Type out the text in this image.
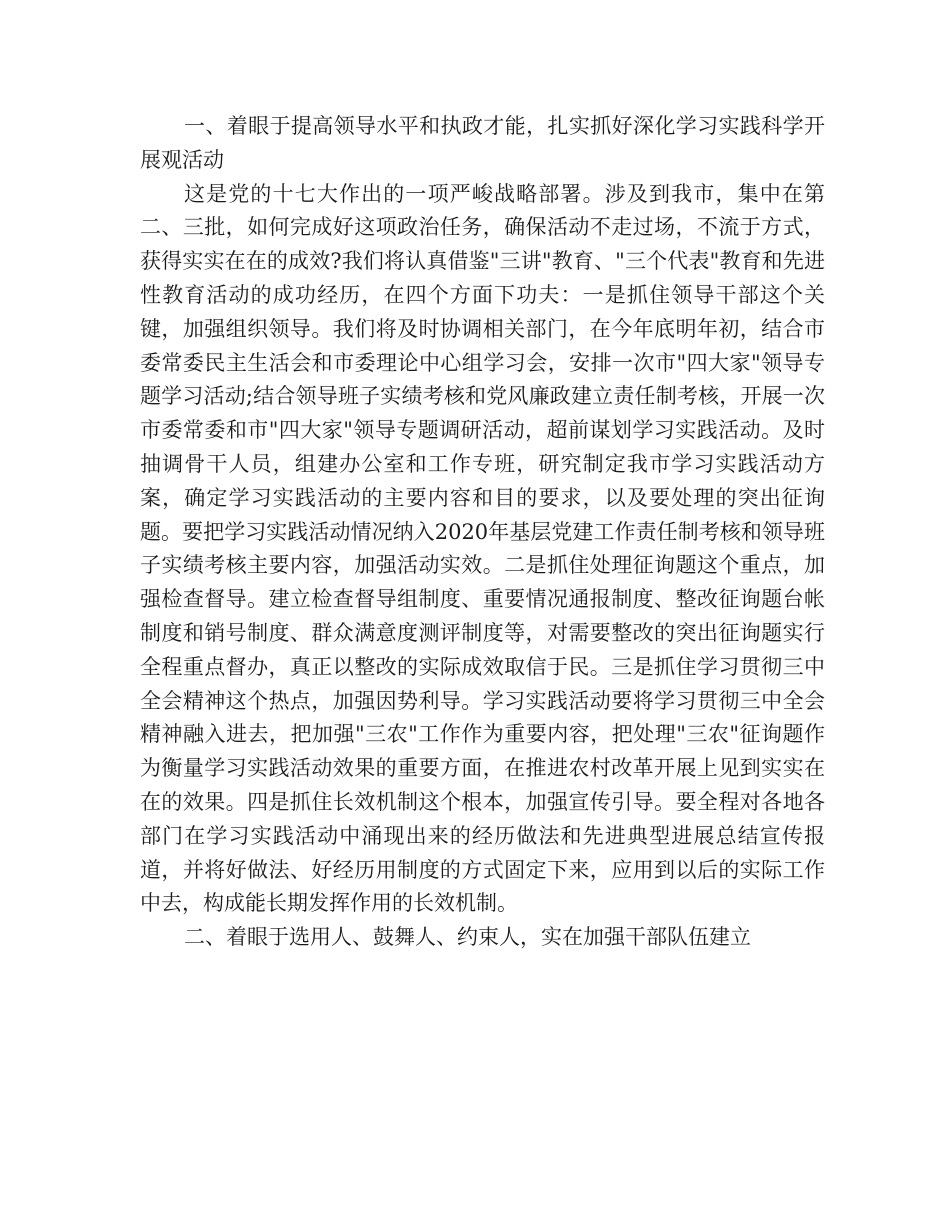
一、着眼于提高领导水平和执政才能，扎实抓好深化学习实践科学开展观活动

这是党的十七大作出的一项严峻战略部署。涉及到我市，集中在第二、三批，如何完成好这项政治任务，确保活动不走过场，不流于方式，获得实实在在的成效?我们将认真借鉴"三讲"教育、"三个代表"教育和先进性教育活动的成功经历，在四个方面下功夫：一是抓住领导干部这个关键，加强组织领导。我们将及时协调相关部门，在今年底明年初，结合市委常委民主生活会和市委理论中心组学习会，安排一次市"四大家"领导专题学习活动;结合领导班子实绩考核和党风廉政建立责任制考核，开展一次市委常委和市"四大家"领导专题调研活动，超前谋划学习实践活动。及时抽调骨干人员，组建办公室和工作专班，研究制定我市学习实践活动方案，确定学习实践活动的主要内容和目的要求，以及要处理的突出征询题。要把学习实践活动情况纳入2020年基层党建工作责任制考核和领导班子实绩考核主要内容，加强活动实效。二是抓住处理征询题这个重点，加强检查督导。建立检查督导组制度、重要情况通报制度、整改征询题台帐制度和销号制度、群众满意度测评制度等，对需要整改的突出征询题实行全程重点督办，真正以整改的实际成效取信于民。三是抓住学习贯彻三中全会精神这个热点，加强因势利导。学习实践活动要将学习贯彻三中全会精神融入进去，把加强"三农"工作作为重要内容，把处理"三农"征询题作为衡量学习实践活动效果的重要方面，在推进农村改革开展上见到实实在在的效果。四是抓住长效机制这个根本，加强宣传引导。要全程对各地各部门在学习实践活动中涌现出来的经历做法和先进典型进展总结宣传报道，并将好做法、好经历用制度的方式固定下来，应用到以后的实际工作中去，构成能长期发挥作用的长效机制。

二、着眼于选用人、鼓舞人、约束人，实在加强干部队伍建立
